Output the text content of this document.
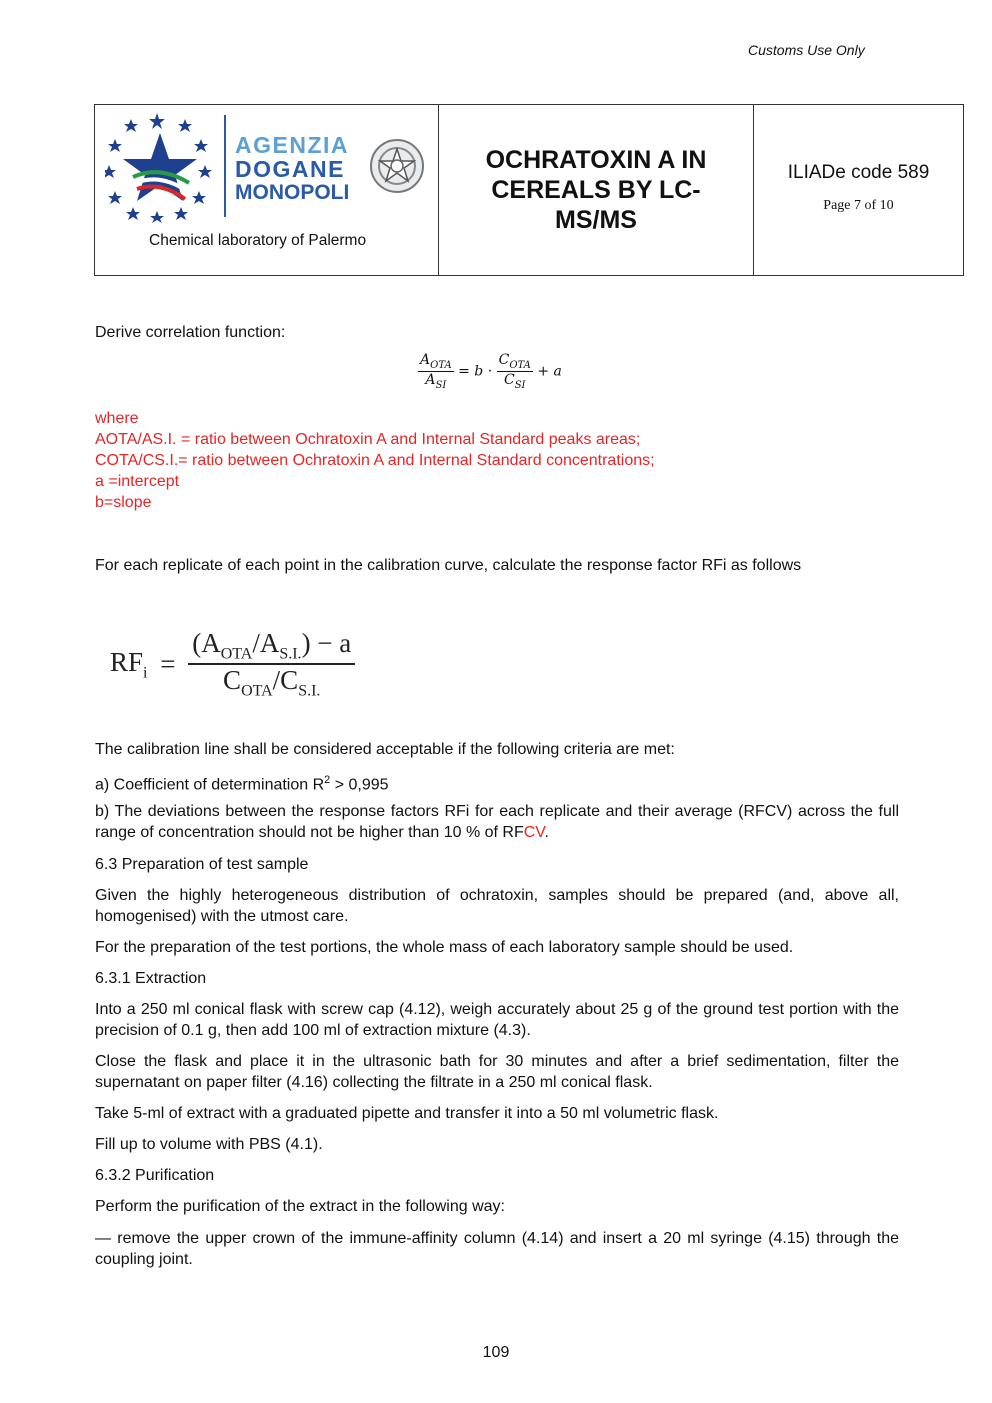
Customs Use Only
AGENZIA
DOGANE
MONOPOLI
Chemical laboratory of Palermo
OCHRATOXIN A IN CEREALS BY LC-MS/MS
ILIADe code 589
Page 7 of 10
Derive correlation function:
$\frac{A_{OTA}}{A_{SI}} = b \cdot \frac{C_{OTA}}{C_{SI}} + a$
where
AOTA/AS.I. = ratio between Ochratoxin A and Internal Standard peaks areas;
COTA/CS.I.= ratio between Ochratoxin A and Internal Standard concentrations;
a =intercept
b=slope
For each replicate of each point in the calibration curve, calculate the response factor RFi as follows
$RF_i = \frac{(A_{OTA}/A_{S.I.}) - a}{C_{OTA}/C_{S.I.}}$
The calibration line shall be considered acceptable if the following criteria are met:
a) Coefficient of determination $R^2 > 0,995$
b) The deviations between the response factors RFi for each replicate and their average (RFCV) across the full range of concentration should not be higher than 10 % of RFCV.
6.3 Preparation of test sample
Given the highly heterogeneous distribution of ochratoxin, samples should be prepared (and, above all, homogenised) with the utmost care.
For the preparation of the test portions, the whole mass of each laboratory sample should be used.
6.3.1 Extraction
Into a 250 ml conical flask with screw cap (4.12), weigh accurately about 25 g of the ground test portion with the precision of 0.1 g, then add 100 ml of extraction mixture (4.3).
Close the flask and place it in the ultrasonic bath for 30 minutes and after a brief sedimentation, filter the supernatant on paper filter (4.16) collecting the filtrate in a 250 ml conical flask.
Take 5-ml of extract with a graduated pipette and transfer it into a 50 ml volumetric flask.
Fill up to volume with PBS (4.1).
6.3.2 Purification
Perform the purification of the extract in the following way:
— remove the upper crown of the immune-affinity column (4.14) and insert a 20 ml syringe (4.15) through the coupling joint.
109
